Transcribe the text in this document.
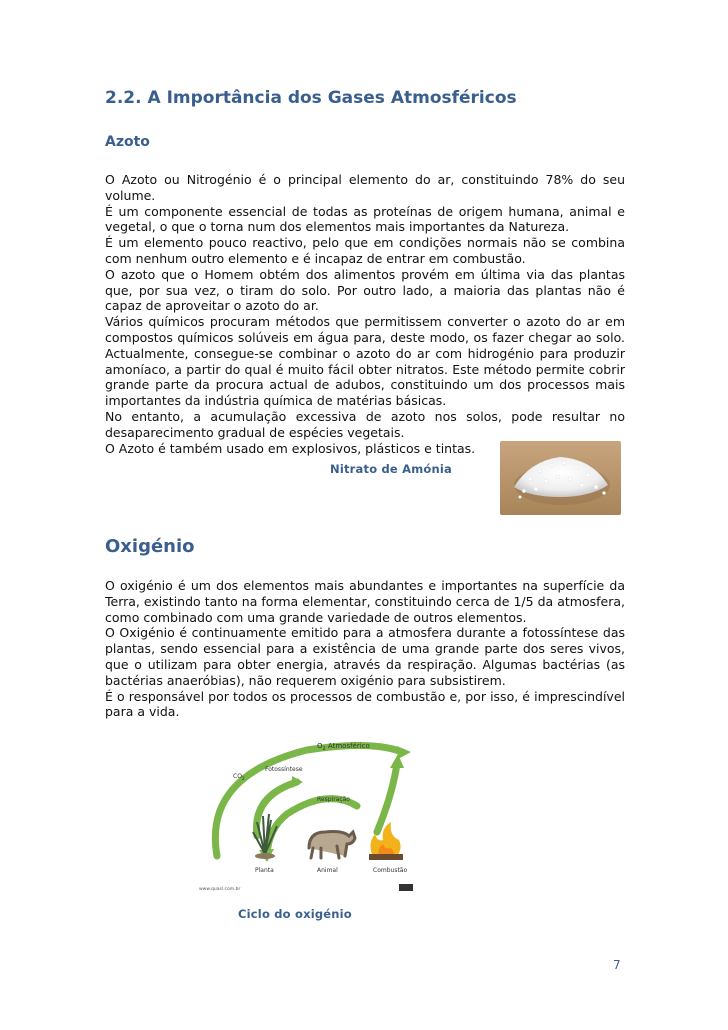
2.2. A Importância dos Gases Atmosféricos
Azoto

O Azoto ou Nitrogénio é o principal elemento do ar, constituindo 78% do seu volume.

É um componente essencial de todas as proteínas de origem humana, animal e vegetal, o que o torna num dos elementos mais importantes da Natureza.

É um elemento pouco reactivo, pelo que em condições normais não se combina com nenhum outro elemento e é incapaz de entrar em combustão.

O azoto que o Homem obtém dos alimentos provém em última via das plantas que, por sua vez, o tiram do solo. Por outro lado, a maioria das plantas não é capaz de aproveitar o azoto do ar.

Vários químicos procuram métodos que permitissem converter o azoto do ar em compostos químicos solúveis em água para, deste modo, os fazer chegar ao solo. Actualmente, consegue-se combinar o azoto do ar com hidrogénio para produzir amoníaco, a partir do qual é muito fácil obter nitratos. Este método permite cobrir grande parte da procura actual de adubos, constituindo um dos processos mais importantes da indústria química de matérias básicas.

No entanto, a acumulação excessiva de azoto nos solos, pode resultar no desaparecimento gradual de espécies vegetais.

O Azoto é também usado em explosivos, plásticos e tintas.

Nitrato de Amónia
Oxigénio

O oxigénio é um dos elementos mais abundantes e importantes na superfície da Terra, existindo tanto na forma elementar, constituindo cerca de 1/5 da atmosfera, como combinado com uma grande variedade de outros elementos.

O Oxigénio é continuamente emitido para a atmosfera durante a fotossíntese das plantas, sendo essencial para a existência de uma grande parte dos seres vivos, que o utilizam para obter energia, através da respiração. Algumas bactérias (as bactérias anaeróbias), não requerem oxigénio para subsistirem.

É o responsável por todos os processos de combustão e, por isso, é imprescindível para a vida.

$O_2$ Atmosférico
Fotossíntese
Respiração
$CO_2$
Planta	Animal	Combustão
www.quasl.com.br
Ciclo do oxigénio
7
